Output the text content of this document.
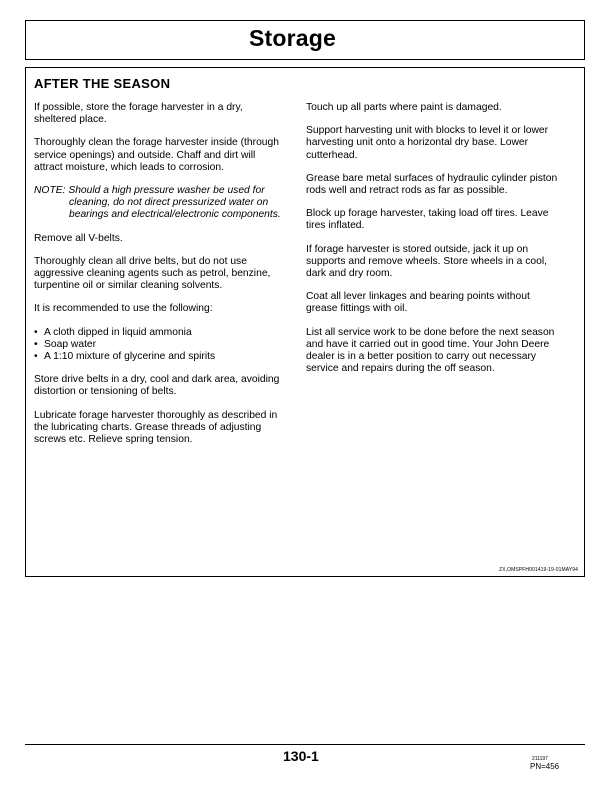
Storage
AFTER THE SEASON

If possible, store the forage harvester in a dry, sheltered place.

Thoroughly clean the forage harvester inside (through service openings) and outside. Chaff and dirt will attract moisture, which leads to corrosion.

NOTE: Should a high pressure washer be used for cleaning, do not direct pressurized water on bearings and electrical/electronic components.

Remove all V-belts.

Thoroughly clean all drive belts, but do not use aggressive cleaning agents such as petrol, benzine, turpentine oil or similar cleaning solvents.

It is recommended to use the following:

• A cloth dipped in liquid ammonia
• Soap water
• A 1:10 mixture of glycerine and spirits

Store drive belts in a dry, cool and dark area, avoiding distortion or tensioning of belts.

Lubricate forage harvester thoroughly as described in the lubricating charts. Grease threads of adjusting screws etc. Relieve spring tension.

Touch up all parts where paint is damaged.

Support harvesting unit with blocks to level it or lower harvesting unit onto a horizontal dry base. Lower cutterhead.

Grease bare metal surfaces of hydraulic cylinder piston rods well and retract rods as far as possible.

Block up forage harvester, taking load off tires. Leave tires inflated.

If forage harvester is stored outside, jack it up on supports and remove wheels. Store wheels in a cool, dark and dry room.

Coat all lever linkages and bearing points without grease fittings with oil.

List all service work to be done before the next season and have it carried out in good time. Your John Deere dealer is in a better position to carry out necessary service and repairs during the off season.

ZX,OMSPFH001419-19-01MAY94
130-1	211197
PN=456
